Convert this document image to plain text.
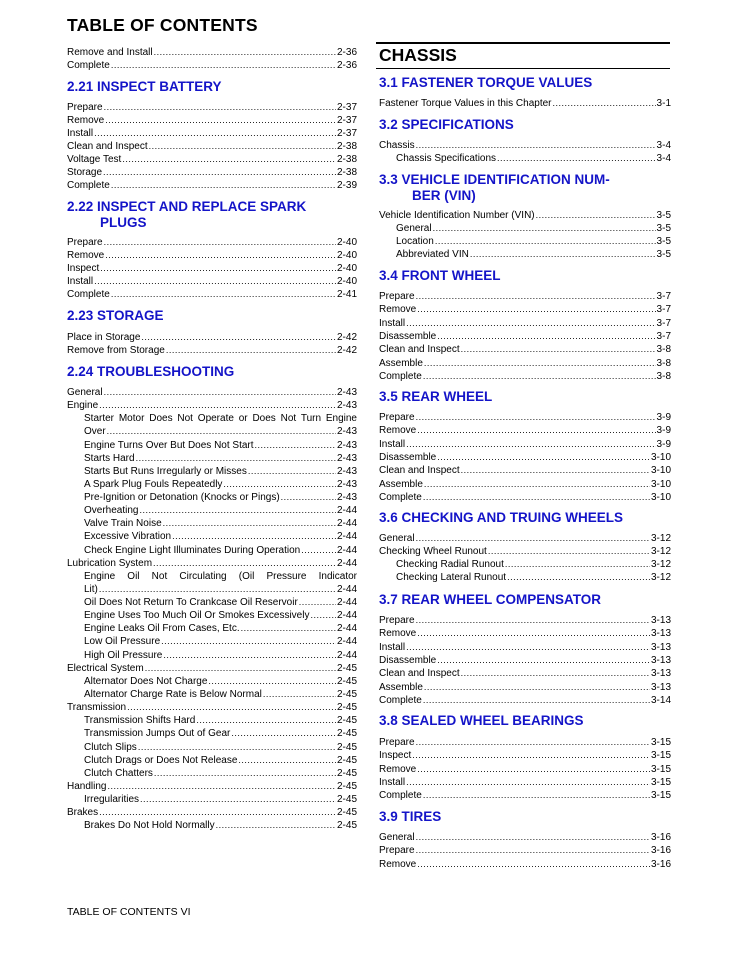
TABLE OF CONTENTS
CHASSIS
Remove and Install .....	2-36
Complete .....	2-36
2.21 INSPECT BATTERY
Prepare .....	2-37
Remove .....	2-37
Install .....	2-37
Clean and Inspect .....	2-38
Voltage Test .....	2-38
Storage .....	2-38
Complete .....	2-39
2.22 INSPECT AND REPLACE SPARK
PLUGS
Prepare .....	2-40
Remove .....	2-40
Inspect .....	2-40
Install .....	2-40
Complete .....	2-41
2.23 STORAGE
Place in Storage .....	2-42
Remove from Storage .....	2-42
2.24 TROUBLESHOOTING
General .....	2-43
Engine .....	2-43
Starter Motor Does Not Operate or Does Not Turn Engine
Over .....	2-43
Engine Turns Over But Does Not Start .....	2-43
Starts Hard .....	2-43
Starts But Runs Irregularly or Misses .....	2-43
A Spark Plug Fouls Repeatedly .....	2-43
Pre-Ignition or Detonation (Knocks or Pings) .....	2-43
Overheating .....	2-44
Valve Train Noise .....	2-44
Excessive Vibration .....	2-44
Check Engine Light Illuminates During Operation .....	2-44
Lubrication System .....	2-44
Engine Oil Not Circulating (Oil Pressure Indicator
Lit) .....	2-44
Oil Does Not Return To Crankcase Oil Reservoir .....	2-44
Engine Uses Too Much Oil Or Smokes Excessively .....	2-44
Engine Leaks Oil From Cases, Etc. .....	2-44
Low Oil Pressure .....	2-44
High Oil Pressure .....	2-44
Electrical System .....	2-45
Alternator Does Not Charge .....	2-45
Alternator Charge Rate is Below Normal .....	2-45
Transmission .....	2-45
Transmission Shifts Hard .....	2-45
Transmission Jumps Out of Gear .....	2-45
Clutch Slips .....	2-45
Clutch Drags or Does Not Release .....	2-45
Clutch Chatters .....	2-45
Handling .....	2-45
Irregularities .....	2-45
Brakes .....	2-45
Brakes Do Not Hold Normally .....	2-45
3.1 FASTENER TORQUE VALUES
Fastener Torque Values in this Chapter .....	3-1
3.2 SPECIFICATIONS
Chassis .....	3-4
Chassis Specifications .....	3-4
3.3 VEHICLE IDENTIFICATION NUM-
BER (VIN)
Vehicle Identification Number (VIN) .....	3-5
General .....	3-5
Location .....	3-5
Abbreviated VIN .....	3-5
3.4 FRONT WHEEL
Prepare .....	3-7
Remove .....	3-7
Install .....	3-7
Disassemble .....	3-7
Clean and Inspect .....	3-8
Assemble .....	3-8
Complete .....	3-8
3.5 REAR WHEEL
Prepare .....	3-9
Remove .....	3-9
Install .....	3-9
Disassemble .....	3-10
Clean and Inspect .....	3-10
Assemble .....	3-10
Complete .....	3-10
3.6 CHECKING AND TRUING WHEELS
General .....	3-12
Checking Wheel Runout .....	3-12
Checking Radial Runout .....	3-12
Checking Lateral Runout .....	3-12
3.7 REAR WHEEL COMPENSATOR
Prepare .....	3-13
Remove .....	3-13
Install .....	3-13
Disassemble .....	3-13
Clean and Inspect .....	3-13
Assemble .....	3-13
Complete .....	3-14
3.8 SEALED WHEEL BEARINGS
Prepare .....	3-15
Inspect .....	3-15
Remove .....	3-15
Install .....	3-15
Complete .....	3-15
3.9 TIRES
General .....	3-16
Prepare .....	3-16
Remove .....	3-16
TABLE OF CONTENTS VI
